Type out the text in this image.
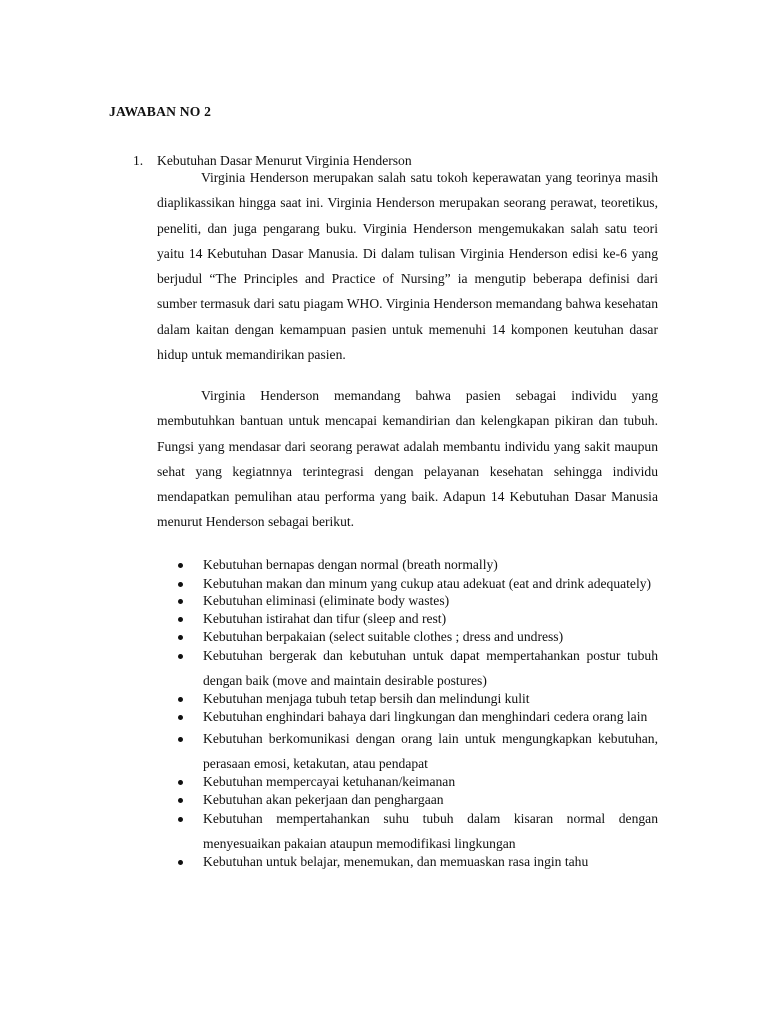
JAWABAN NO 2
1.	Kebutuhan Dasar Menurut Virginia Henderson

Virginia Henderson merupakan salah satu tokoh keperawatan yang teorinya masih diaplikassikan hingga saat ini. Virginia Henderson merupakan seorang perawat, teoretikus, peneliti, dan juga pengarang buku. Virginia Henderson mengemukakan salah satu teori yaitu 14 Kebutuhan Dasar Manusia. Di dalam tulisan Virginia Henderson edisi ke-6 yang berjudul “The Principles and Practice of Nursing” ia mengutip beberapa definisi dari sumber termasuk dari satu piagam WHO. Virginia Henderson memandang bahwa kesehatan dalam kaitan dengan kemampuan pasien untuk memenuhi 14 komponen keutuhan dasar hidup untuk memandirikan pasien.

Virginia Henderson memandang bahwa pasien sebagai individu yang membutuhkan bantuan untuk mencapai kemandirian dan kelengkapan pikiran dan tubuh. Fungsi yang mendasar dari seorang perawat adalah membantu individu yang sakit maupun sehat yang kegiatnnya terintegrasi dengan pelayanan kesehatan sehingga individu mendapatkan pemulihan atau performa yang baik. Adapun 14 Kebutuhan Dasar Manusia menurut Henderson sebagai berikut.

Kebutuhan bernapas dengan normal (breath normally)
Kebutuhan makan dan minum yang cukup atau adekuat (eat and drink adequately)
Kebutuhan eliminasi (eliminate body wastes)
Kebutuhan istirahat dan tifur (sleep and rest)
Kebutuhan berpakaian (select suitable clothes ; dress and undress)
Kebutuhan bergerak dan kebutuhan untuk dapat mempertahankan postur tubuh dengan baik (move and maintain desirable postures)
Kebutuhan menjaga tubuh tetap bersih dan melindungi kulit
Kebutuhan enghindari bahaya dari lingkungan dan menghindari cedera orang lain
Kebutuhan berkomunikasi dengan orang lain untuk mengungkapkan kebutuhan, perasaan emosi, ketakutan, atau pendapat
Kebutuhan mempercayai ketuhanan/keimanan
Kebutuhan akan pekerjaan dan penghargaan
Kebutuhan mempertahankan suhu tubuh dalam kisaran normal dengan menyesuaikan pakaian ataupun memodifikasi lingkungan
Kebutuhan untuk belajar, menemukan, dan memuaskan rasa ingin tahu
